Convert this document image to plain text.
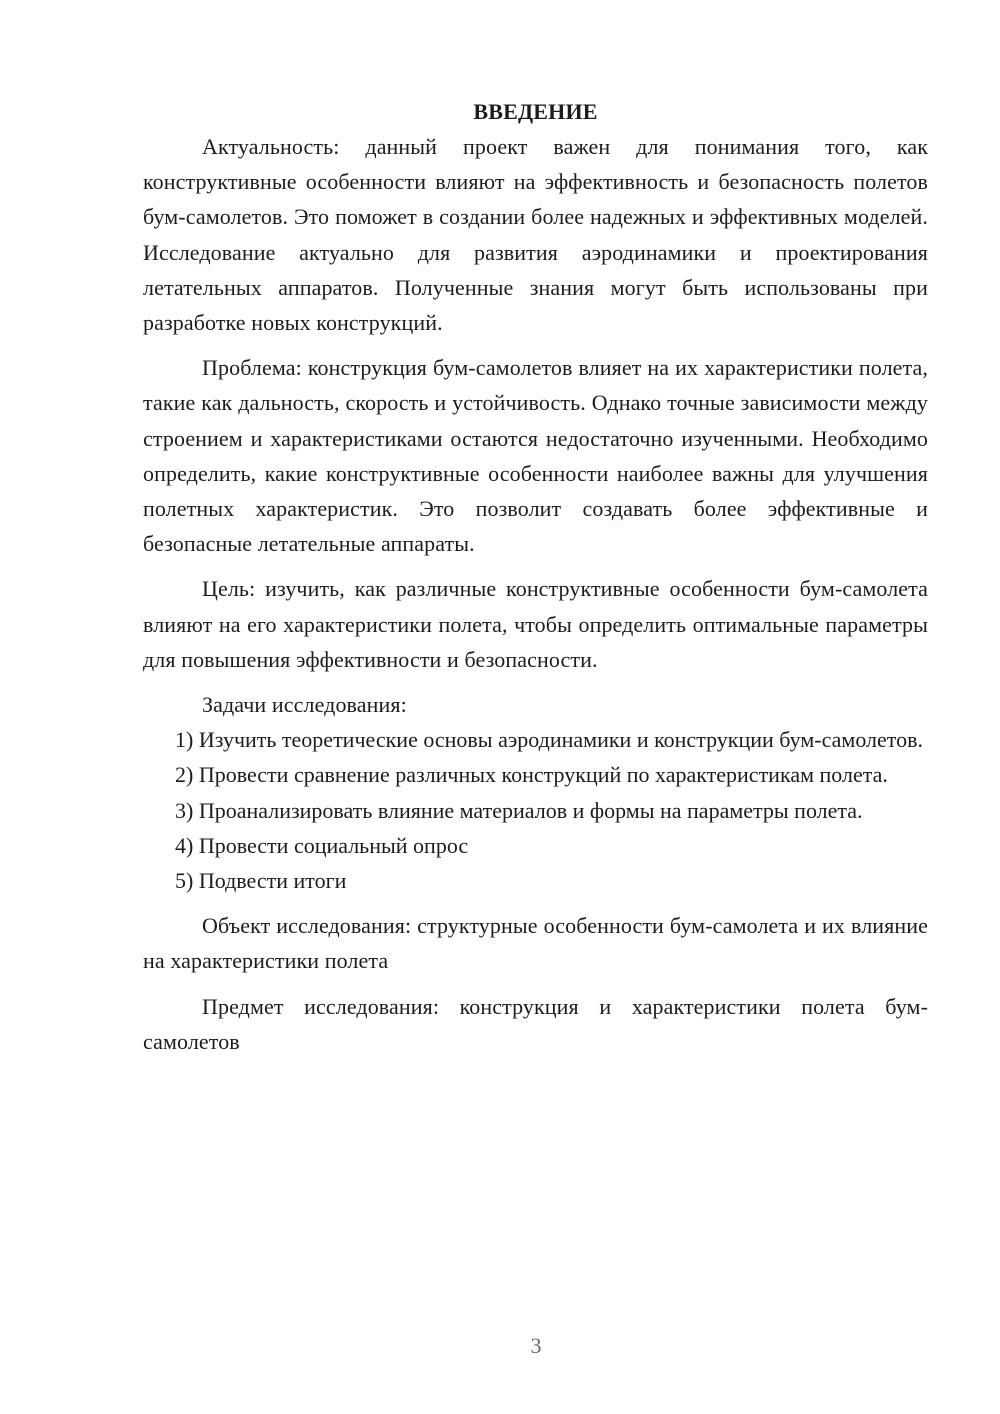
ВВЕДЕНИЕ

Актуальность: данный проект важен для понимания того, как конструктивные особенности влияют на эффективность и безопасность полетов бум-самолетов. Это поможет в создании более надежных и эффективных моделей. Исследование актуально для развития аэродинамики и проектирования летательных аппаратов. Полученные знания могут быть использованы при разработке новых конструкций.

Проблема: конструкция бум-самолетов влияет на их характеристики полета, такие как дальность, скорость и устойчивость. Однако точные зависимости между строением и характеристиками остаются недостаточно изученными. Необходимо определить, какие конструктивные особенности наиболее важны для улучшения полетных характеристик. Это позволит создавать более эффективные и безопасные летательные аппараты.

Цель: изучить, как различные конструктивные особенности бум-самолета влияют на его характеристики полета, чтобы определить оптимальные параметры для повышения эффективности и безопасности.

Задачи исследования:

1) Изучить теоретические основы аэродинамики и конструкции бум-самолетов.

2) Провести сравнение различных конструкций по характеристикам полета.

3) Проанализировать влияние материалов и формы на параметры полета.

4) Провести социальный опрос

5) Подвести итоги

Объект исследования: структурные особенности бум-самолета и их влияние на характеристики полета

Предмет исследования: конструкция и характеристики полета бум-самолетов

3
